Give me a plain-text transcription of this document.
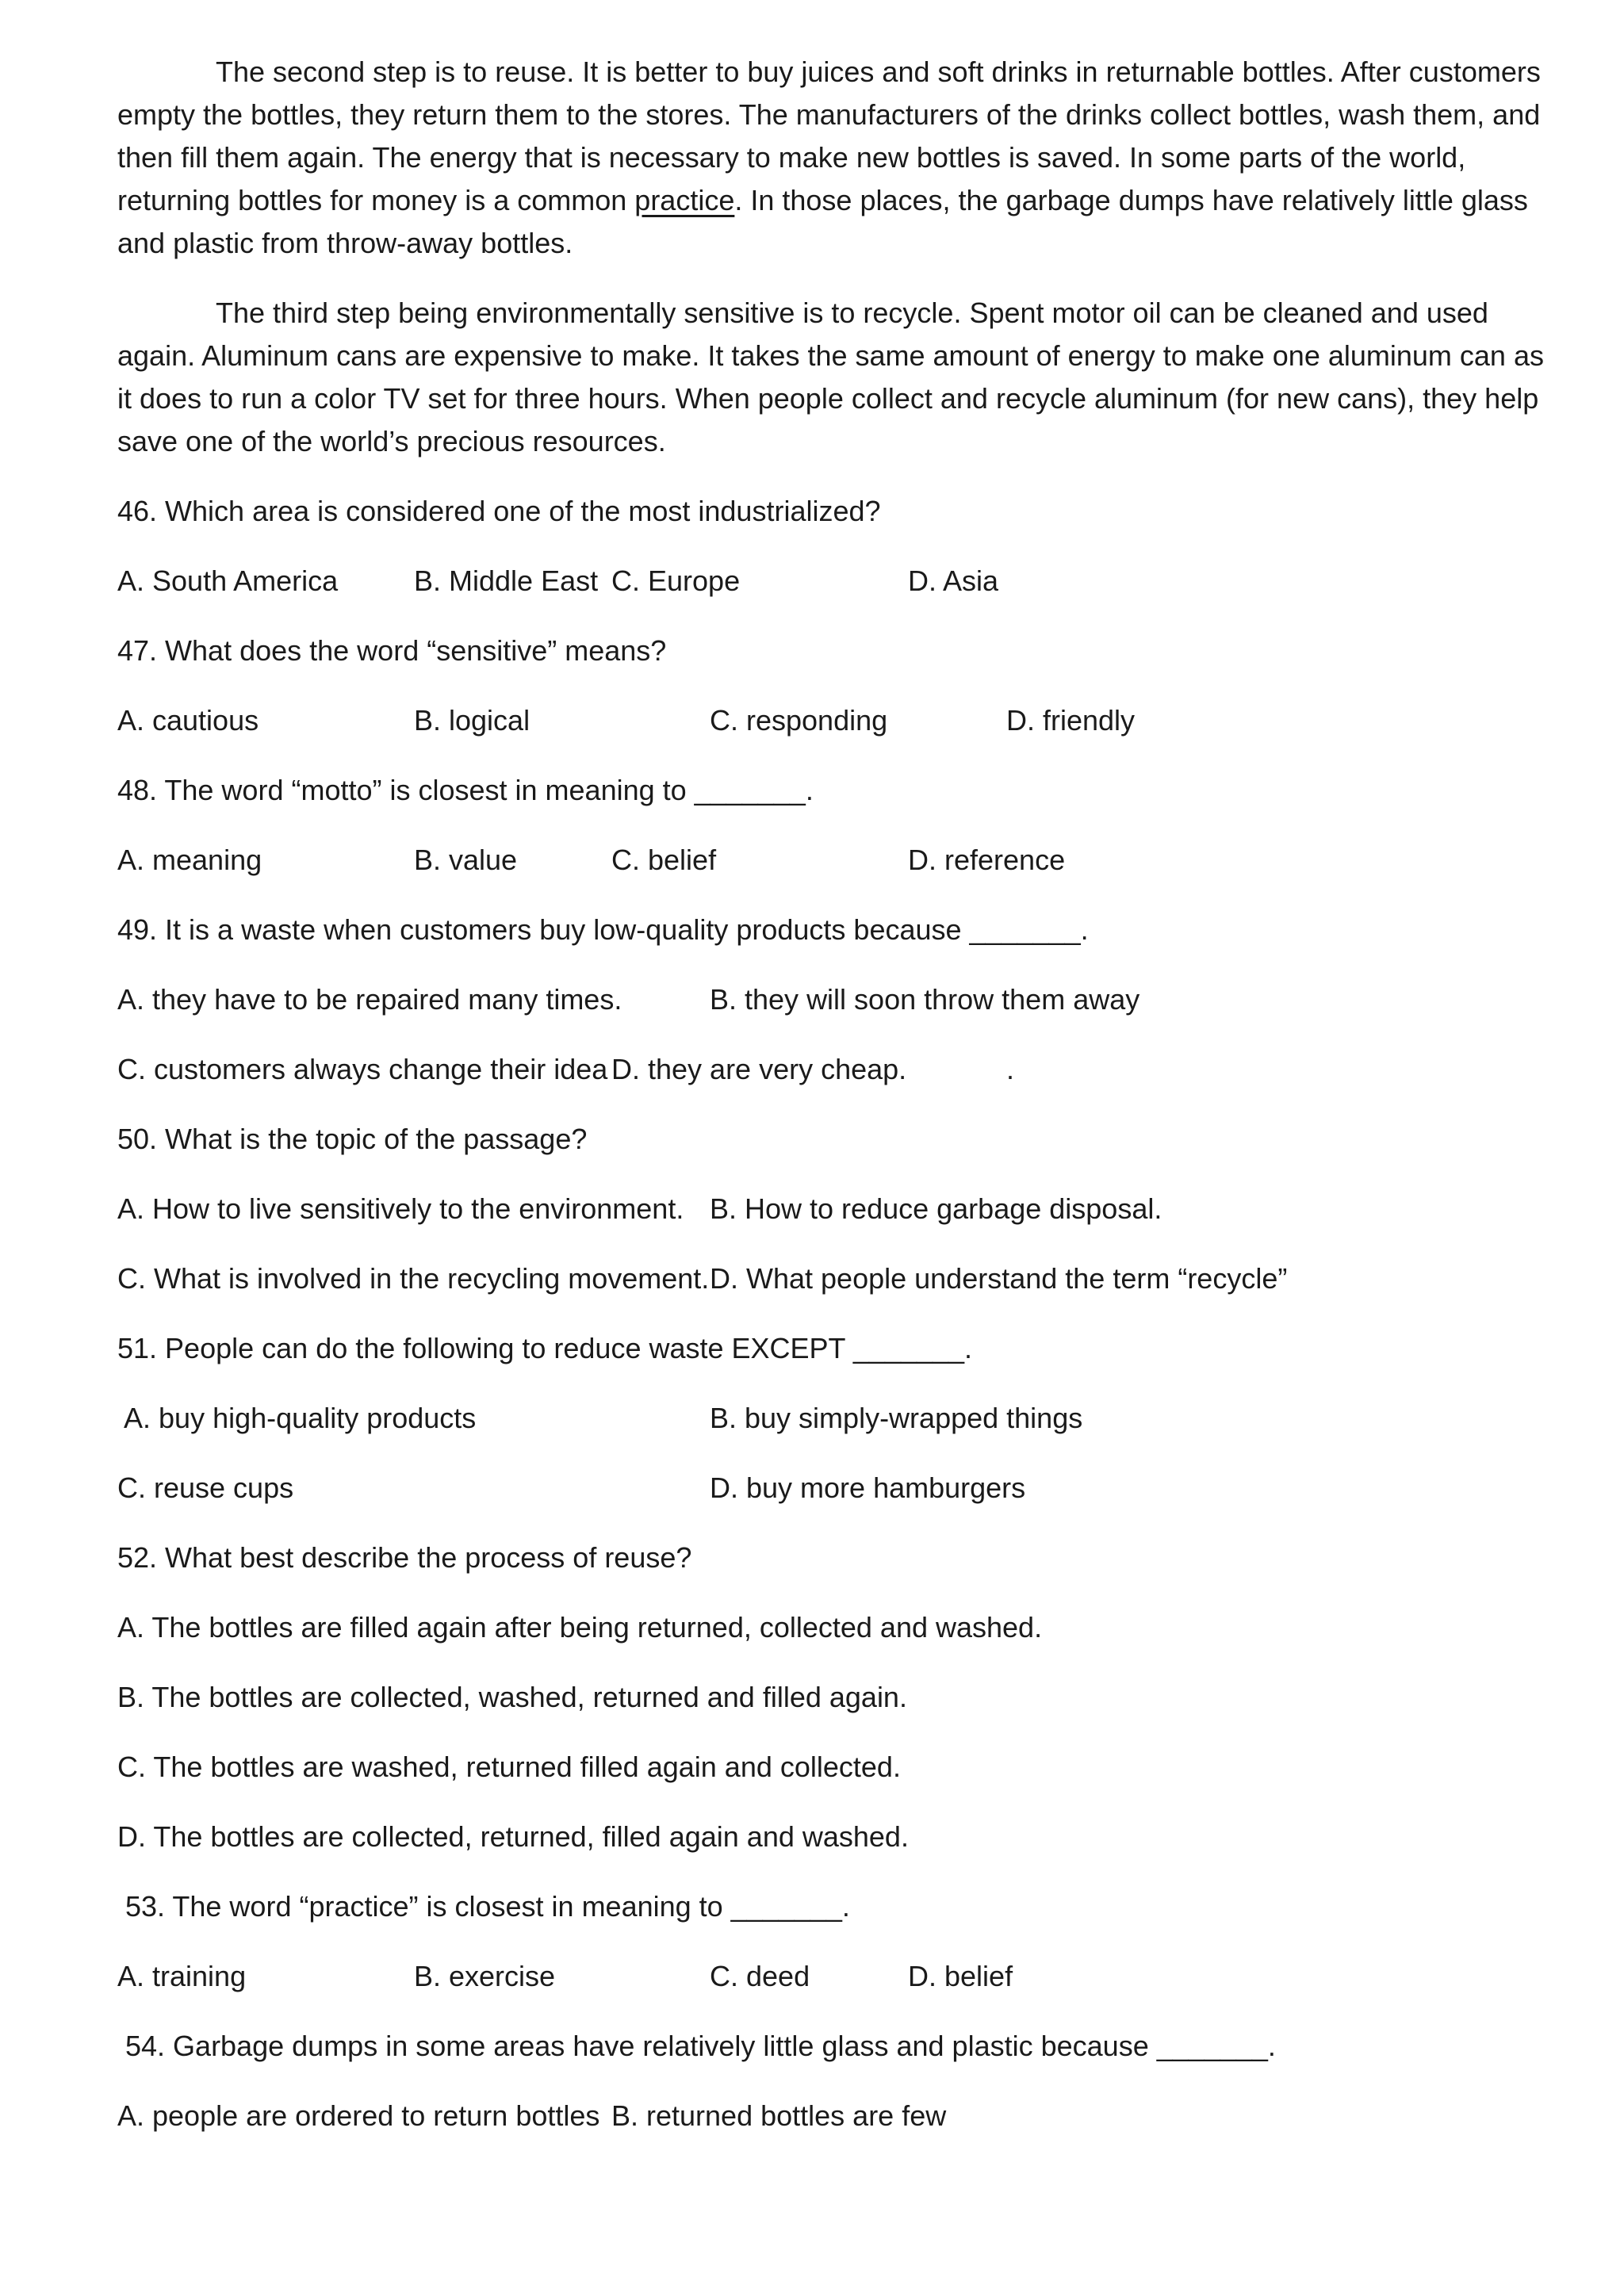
The second step is to reuse. It is better to buy juices and soft drinks in returnable bottles. After customers empty the bottles, they return them to the stores. The manufacturers of the drinks collect bottles, wash them, and then fill them again. The energy that is necessary to make new bottles is saved. In some parts of the world, returning bottles for money is a common practice. In those places, the garbage dumps have relatively little glass and plastic from throw-away bottles.

The third step being environmentally sensitive is to recycle. Spent motor oil can be cleaned and used again. Aluminum cans are expensive to make. It takes the same amount of energy to make one aluminum can as it does to run a color TV set for three hours. When people collect and recycle aluminum (for new cans), they help save one of the world’s precious resources.

46. Which area is considered one of the most industrialized?
A. South America	B. Middle East C. Europe	D. Asia
47. What does the word “sensitive” means?
A. cautious	B. logical	C. responding	D. friendly
48. The word “motto” is closest in meaning to _______.
A. meaning	B. value	C. belief	D. reference
49. It is a waste when customers buy low-quality products because _______.
A. they have to be repaired many times.	B. they will soon throw them away
C. customers always change their idea D. they are very cheap.	.
50. What is the topic of the passage?
A. How to live sensitively to the environment. B. How to reduce garbage disposal.
C. What is involved in the recycling movement. D. What people understand the term “recycle”
51. People can do the following to reduce waste EXCEPT _______.
A. buy high-quality products	B. buy simply-wrapped things
C. reuse cups	D. buy more hamburgers
52. What best describe the process of reuse?
A. The bottles are filled again after being returned, collected and washed.
B. The bottles are collected, washed, returned and filled again.
C. The bottles are washed, returned filled again and collected.
D. The bottles are collected, returned, filled again and washed.
53. The word “practice” is closest in meaning to _______.
A. training	B. exercise	C. deed	D. belief
54. Garbage dumps in some areas have relatively little glass and plastic because _______.
A. people are ordered to return bottles B. returned bottles are few
